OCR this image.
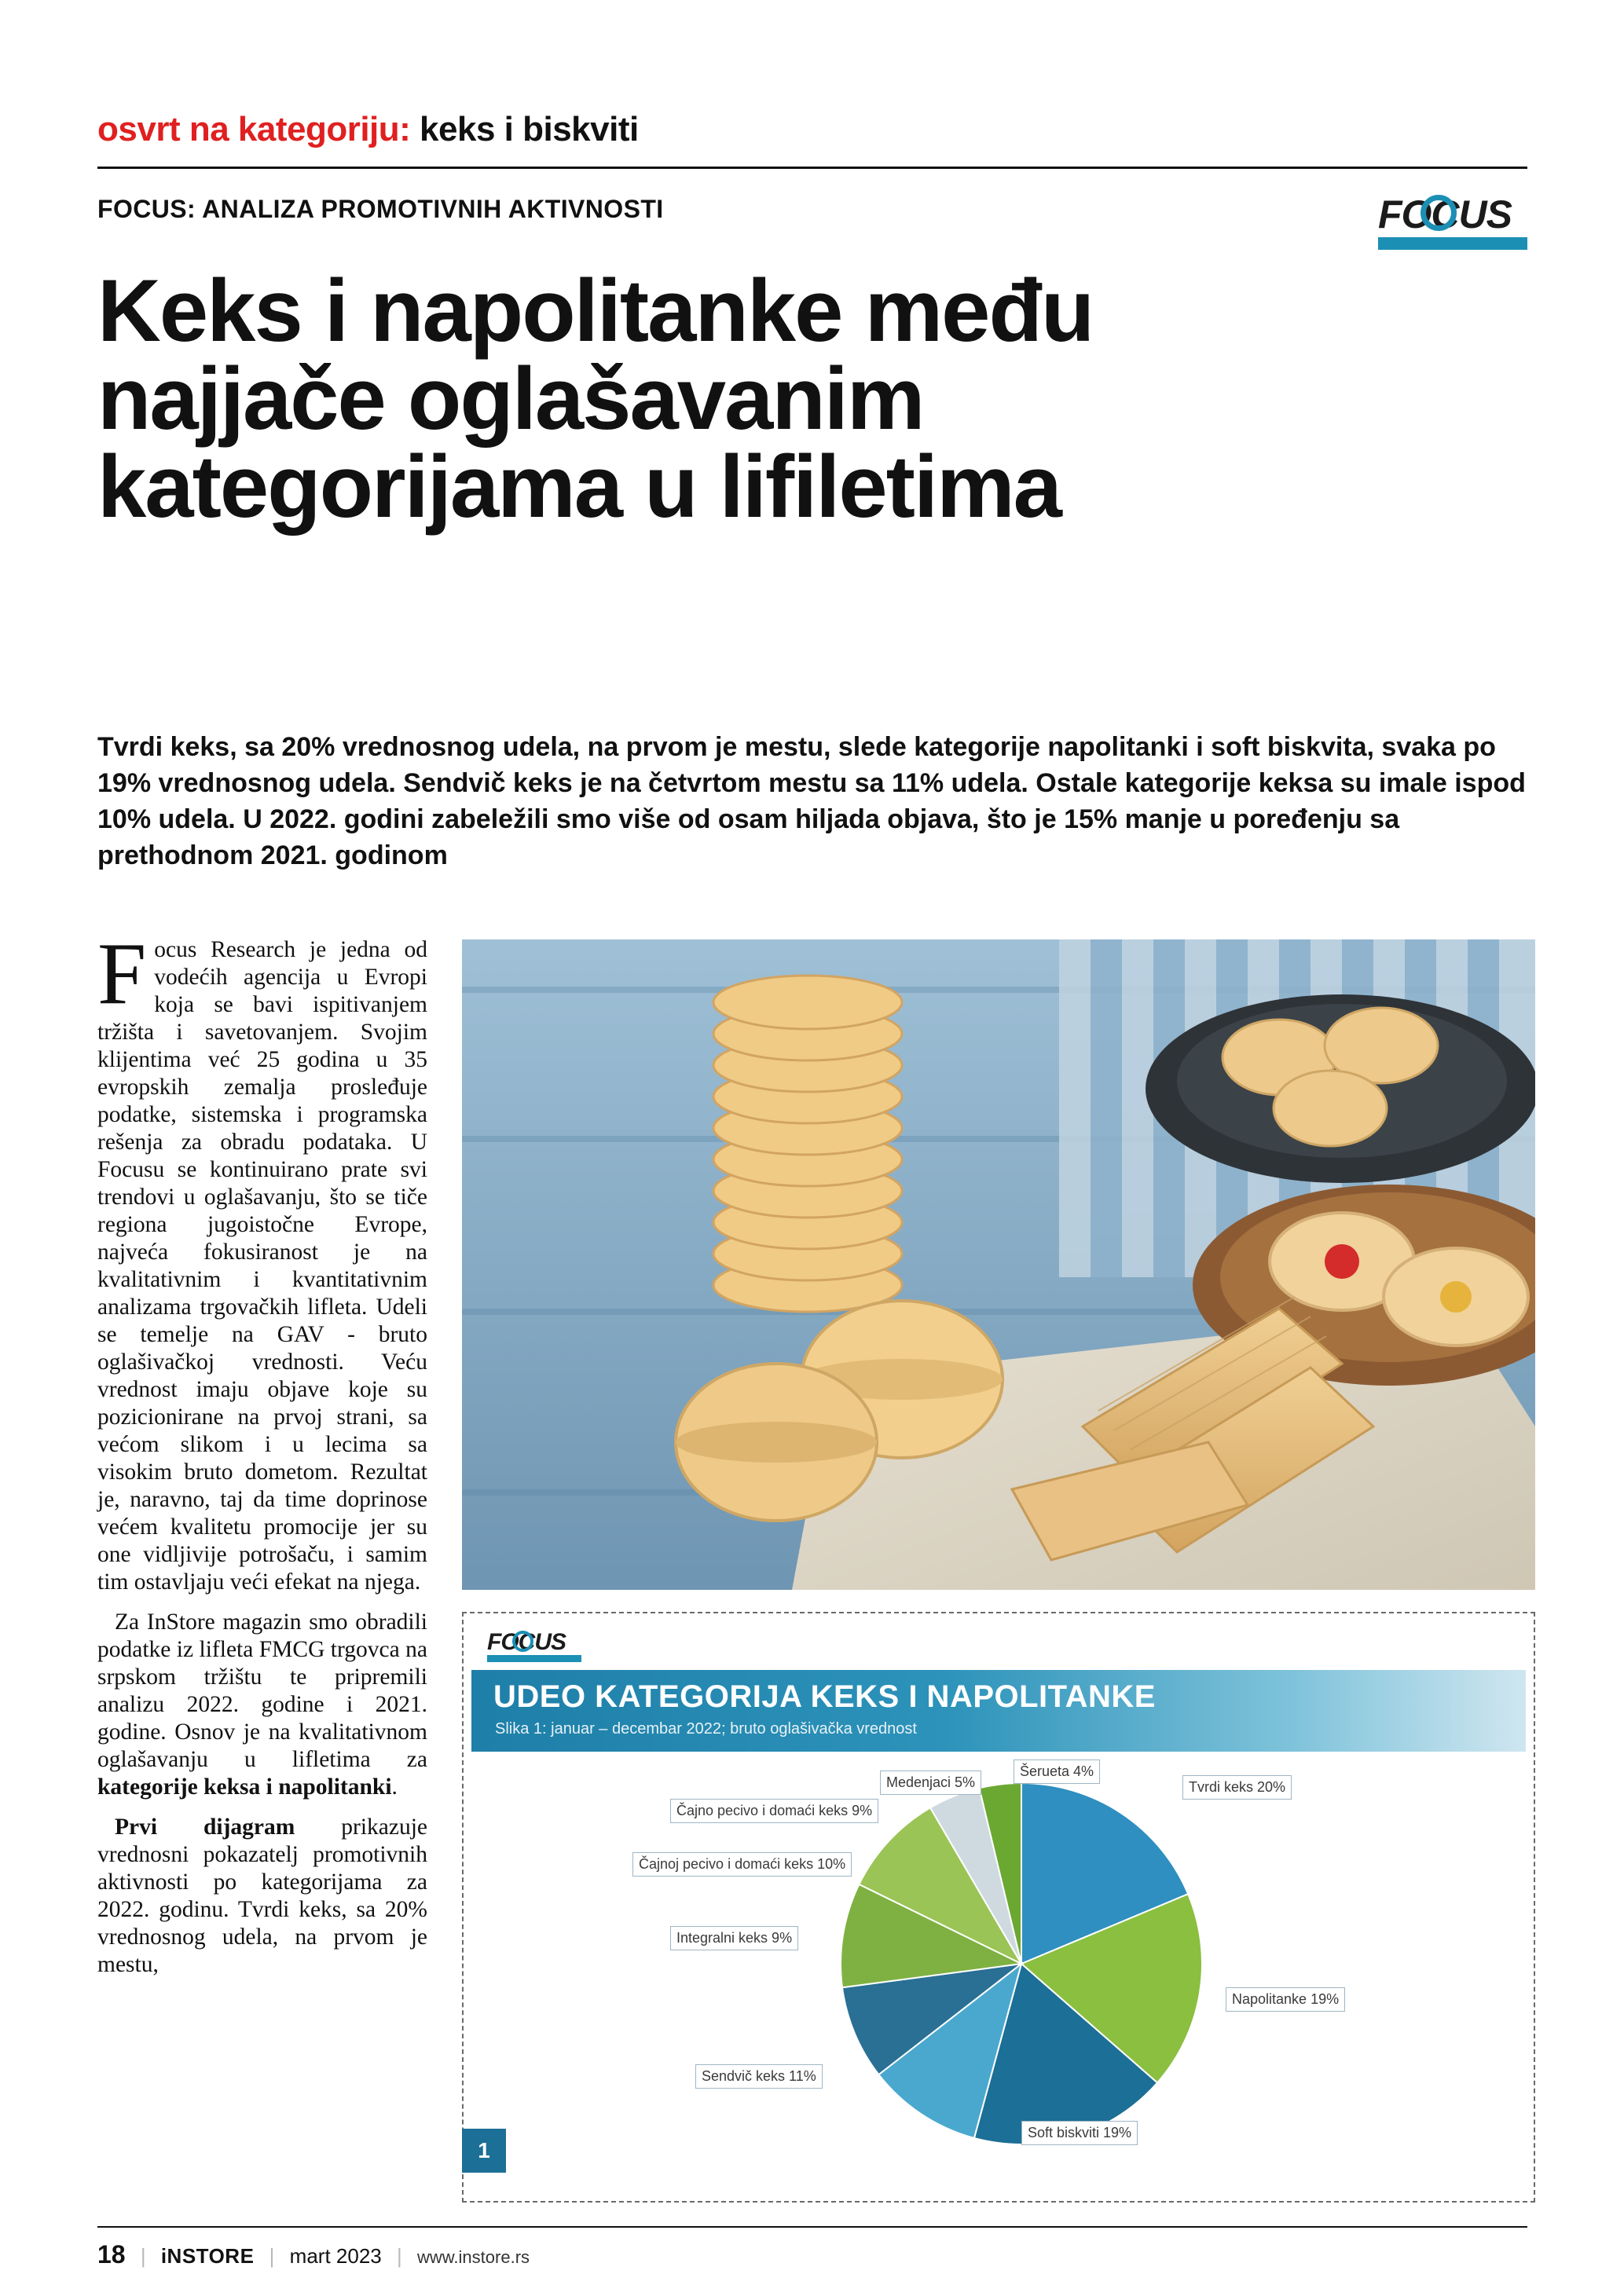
osvrt na kategoriju: keks i biskviti
FOCUS: ANALIZA PROMOTIVNIH AKTIVNOSTI	FOCUS
Keks i napolitanke među
najjače oglašavanim
kategorijama u lifiletima
Tvrdi keks, sa 20% vrednosnog udela, na prvom je mestu, slede kategorije napolitanki i soft biskvita, svaka po 19% vrednosnog udela. Sendvič keks je na četvrtom mestu sa 11% udela. Ostale kategorije keksa su imale ispod 10% udela. U 2022. godini zabeležili smo više od osam hiljada objava, što je 15% manje u poređenju sa prethodnom 2021. godinom

Focus Research je jedna od vodećih agencija u Evropi koja se bavi ispitivanjem tržišta i savetovanjem. Svojim klijentima već 25 godina u 35 evropskih zemalja prosleđuje podatke, sistemska i programska rešenja za obradu podataka. U Focusu se kontinuirano prate svi trendovi u oglašavanju, što se tiče regiona jugoistočne Evrope, najveća fokusiranost je na kvalitativnim i kvantitativnim analizama trgovačkih lifleta. Udeli se temelje na GAV - bruto oglašivačkoj vrednosti. Veću vrednost imaju objave koje su pozicionirane na prvoj strani, sa većom slikom i u lecima sa visokim bruto dometom. Rezultat je, naravno, taj da time doprinose većem kvalitetu promocije jer su one vidljivije potrošaču, i samim tim ostavljaju veći efekat na njega.

Za InStore magazin smo obradili podatke iz lifleta FMCG trgovca na srpskom tržištu te pripremili analizu 2022. godine i 2021. godine. Osnov je na kvalitativnom oglašavanju u lifletima za kategorije keksa i napolitanki.

Prvi dijagram prikazuje vrednosni pokazatelj promotivnih aktivnosti po kategorijama za 2022. godinu. Tvrdi keks, sa 20% vrednosnog udela, na prvom je mestu,

FOCUS
UDEO KATEGORIJA KEKS I NAPOLITANKE
Slika 1: januar – decembar 2022; bruto oglašivačka vrednost
Medenjaci 5%
Šerueta 4%
Tvrdi keks 20%
Čajno pecivo i domaći keks 9%
Čajnoj pecivo i domaći keks 10%
Integralni keks 9%
Sendvič keks 11%
Soft biskviti 19%
Napolitanke 19%
1
18 | iNSTORE | mart 2023 | www.instore.rs
